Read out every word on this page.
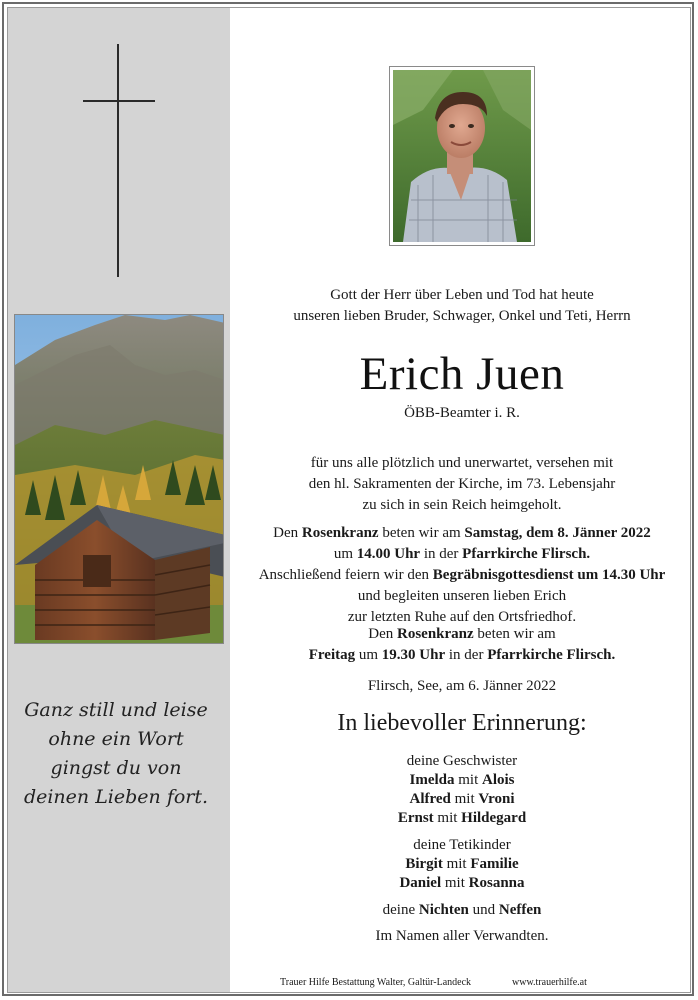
Ganz still und leise
ohne ein Wort
gingst du von
deinen Lieben fort.
Gott der Herr über Leben und Tod hat heute
unseren lieben Bruder, Schwager, Onkel und Teti, Herrn
Erich Juen
ÖBB-Beamter i. R.
für uns alle plötzlich und unerwartet, versehen mit
den hl. Sakramenten der Kirche, im 73. Lebensjahr
zu sich in sein Reich heimgeholt.
Den Rosenkranz beten wir am Samstag, dem 8. Jänner 2022
um 14.00 Uhr in der Pfarrkirche Flirsch.
Anschließend feiern wir den Begräbnisgottesdienst um 14.30 Uhr
und begleiten unseren lieben Erich
zur letzten Ruhe auf den Ortsfriedhof.
Den Rosenkranz beten wir am
Freitag um 19.30 Uhr in der Pfarrkirche Flirsch.
Flirsch, See, am 6. Jänner 2022
In liebevoller Erinnerung:
deine Geschwister
Imelda mit Alois
Alfred mit Vroni
Ernst mit Hildegard
deine Tetikinder
Birgit mit Familie
Daniel mit Rosanna
deine Nichten und Neffen
Im Namen aller Verwandten.
Trauer Hilfe Bestattung Walter, Galtür-Landeck	www.trauerhilfe.at
